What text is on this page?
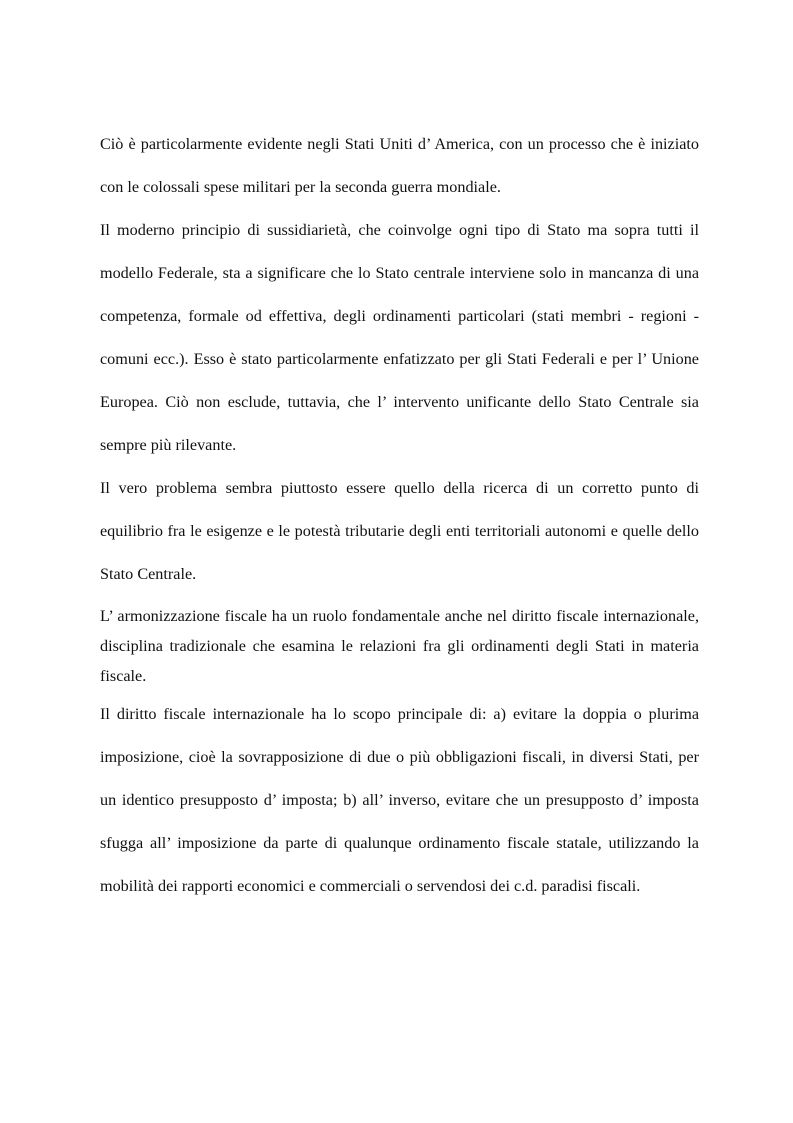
Ciò è particolarmente evidente negli Stati Uniti d’ America, con un processo che è iniziato con le colossali spese militari per la seconda guerra mondiale.

Il moderno principio di sussidiarietà, che coinvolge ogni tipo di Stato ma sopra tutti il modello Federale, sta a significare che lo Stato centrale interviene solo in mancanza di una competenza, formale od effettiva, degli ordinamenti particolari (stati membri - regioni - comuni ecc.). Esso è stato particolarmente enfatizzato per gli Stati Federali e per l’ Unione Europea. Ciò non esclude, tuttavia, che l’ intervento unificante dello Stato Centrale sia sempre più rilevante.

Il vero problema sembra piuttosto essere quello della ricerca di un corretto punto di equilibrio fra le esigenze e le potestà tributarie degli enti territoriali autonomi e quelle dello Stato Centrale.

L’ armonizzazione fiscale ha un ruolo fondamentale anche nel diritto fiscale internazionale, disciplina tradizionale che esamina le relazioni fra gli ordinamenti degli Stati in materia fiscale.

Il diritto fiscale internazionale ha lo scopo principale di: a) evitare la doppia o plurima imposizione, cioè la sovrapposizione di due o più obbligazioni fiscali, in diversi Stati, per un identico presupposto d’ imposta; b) all’ inverso, evitare che un presupposto d’ imposta sfugga all’ imposizione da parte di qualunque ordinamento fiscale statale, utilizzando la mobilità dei rapporti economici e commerciali o servendosi dei c.d. paradisi fiscali.
